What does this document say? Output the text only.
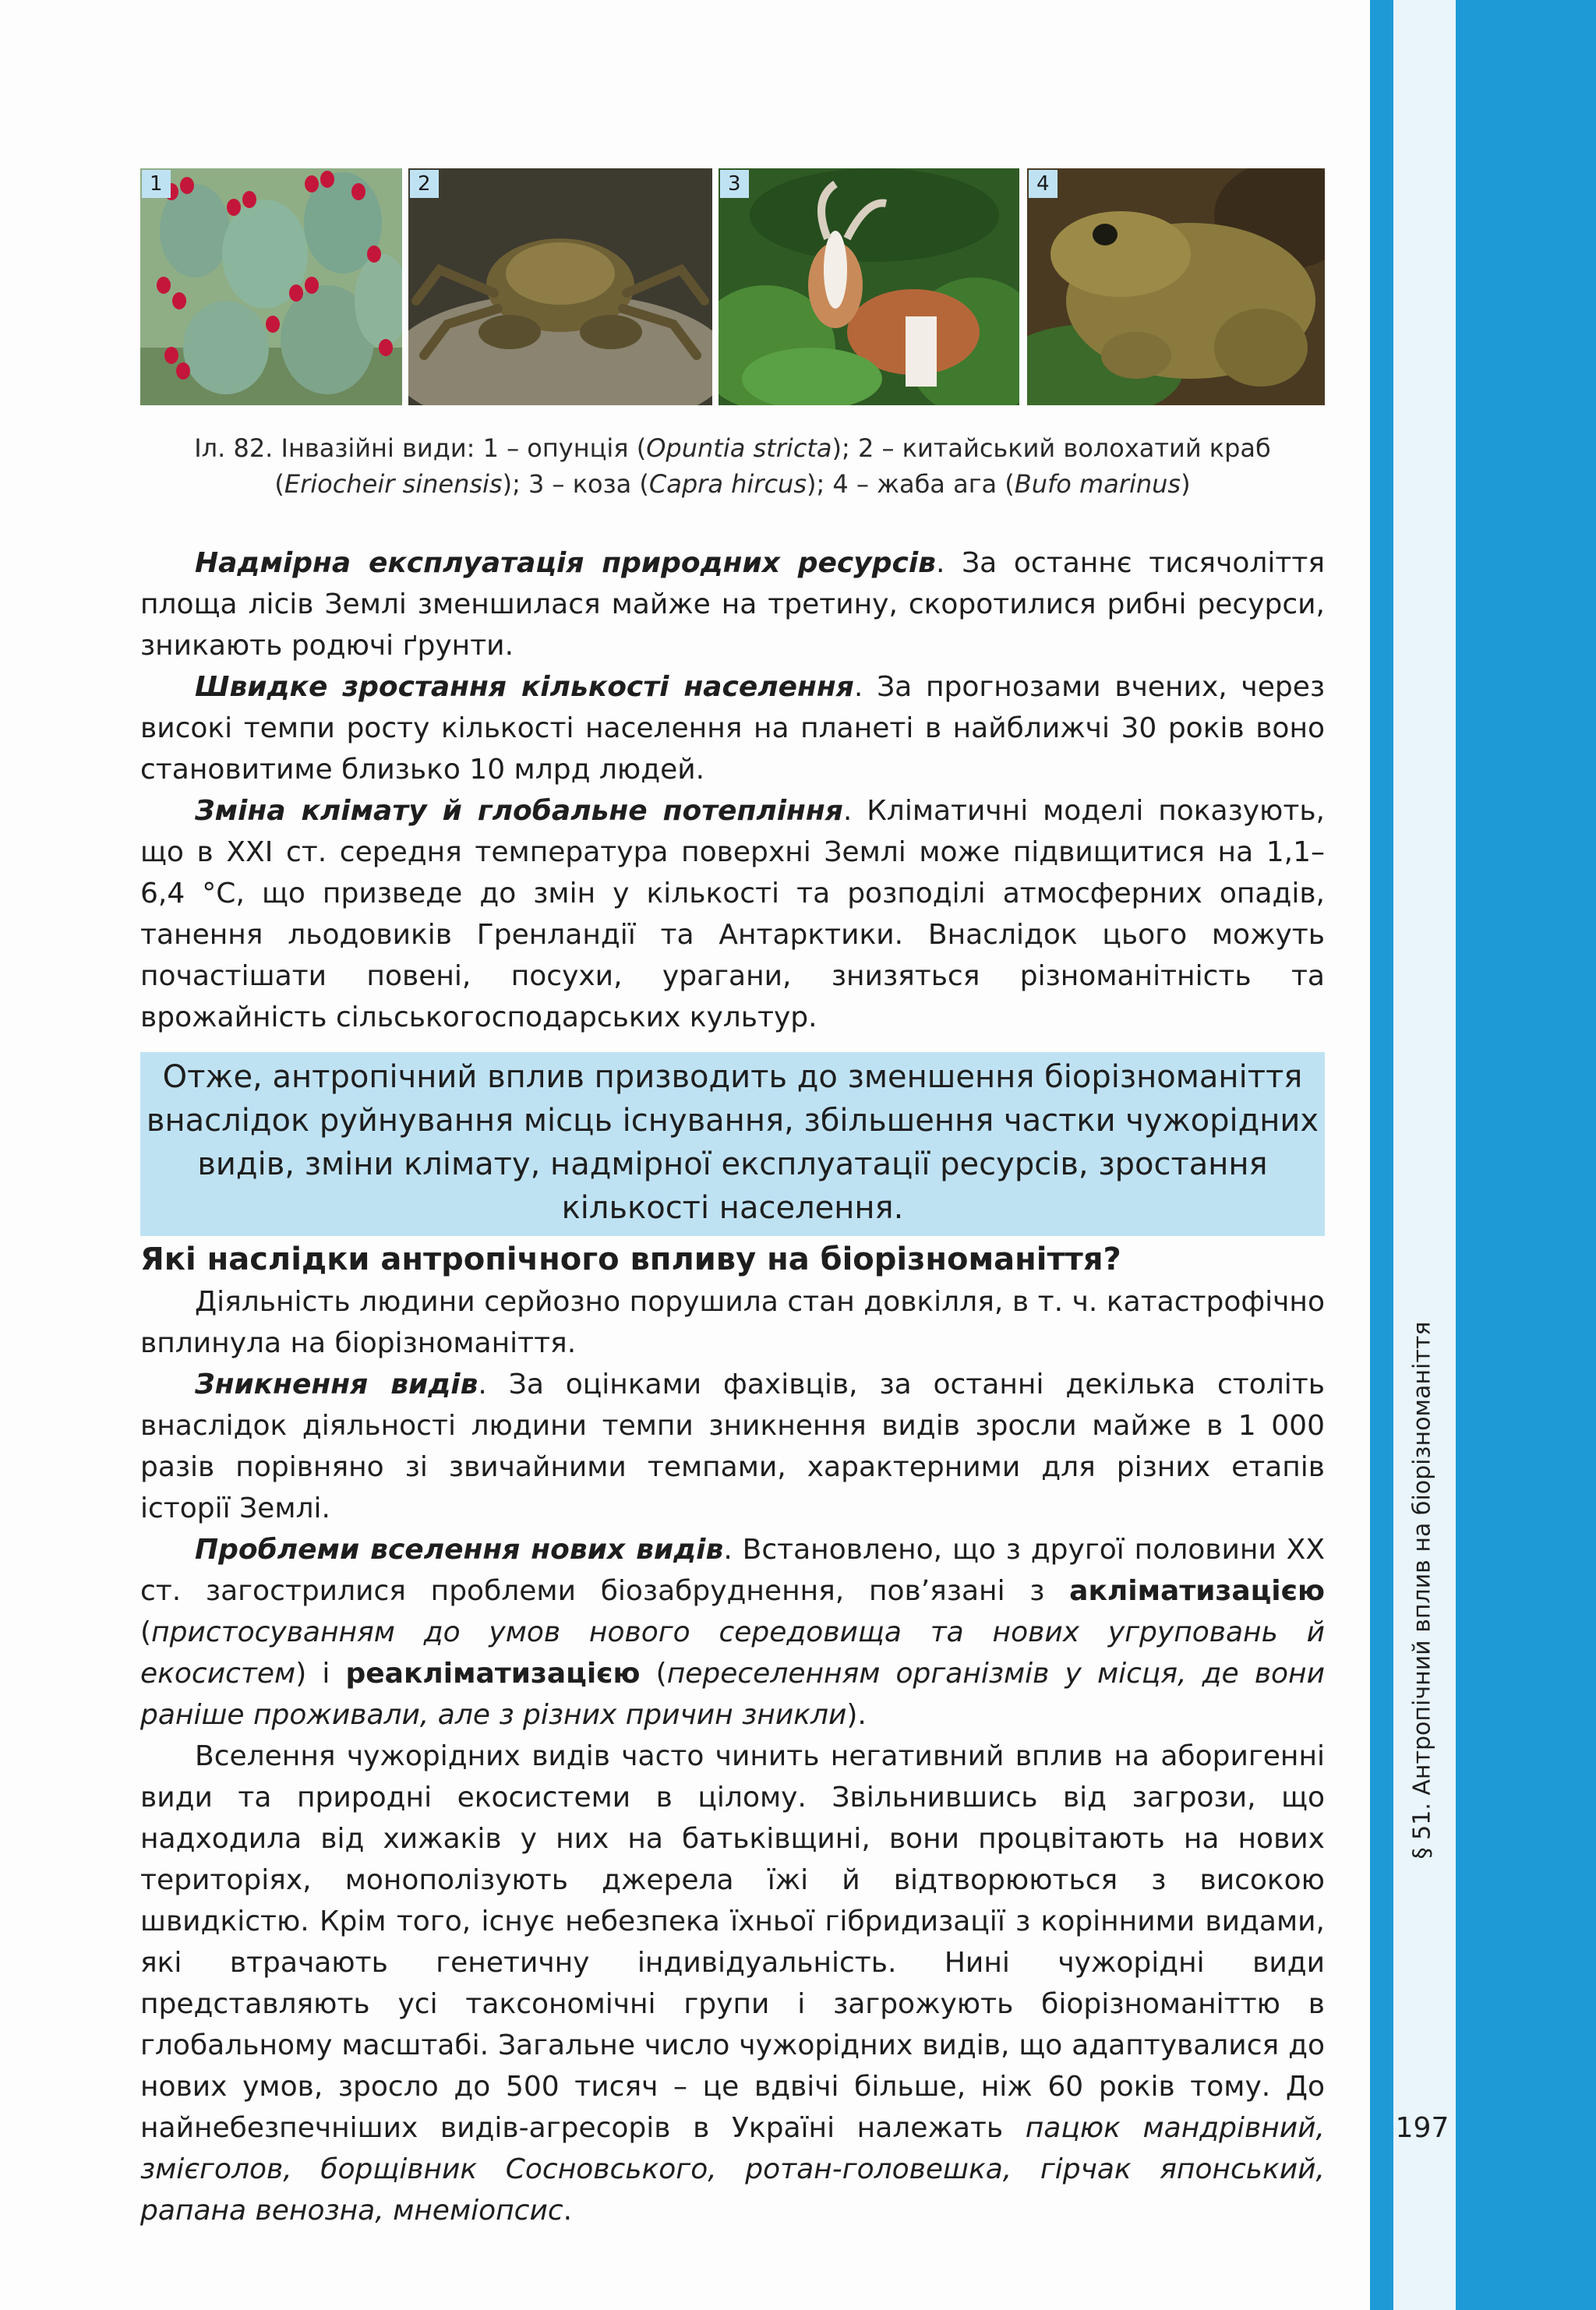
§ 51. Антропічний вплив на біорізноманіття
197
1	2	3	4
Іл. 82. Інвазійні види: 1 – опунція (Opuntia stricta); 2 – китайський волохатий краб (Eriocheir sinensis); 3 – коза (Capra hircus); 4 – жаба ага (Bufo marinus)

Надмірна експлуатація природних ресурсів. За останнє тисячоліття площа лісів Землі зменшилася майже на третину, скоротилися рибні ресурси, зникають родючі ґрунти.

Швидке зростання кількості населення. За прогнозами вчених, через високі темпи росту кількості населення на планеті в найближчі 30 років воно становитиме близько 10 млрд людей.

Зміна клімату й глобальне потепління. Кліматичні моделі показують, що в XXI ст. середня температура поверхні Землі може підвищитися на 1,1– 6,4 °С, що призведе до змін у кількості та розподілі атмосферних опадів, танення льодовиків Гренландії та Антарктики. Внаслідок цього можуть почастішати повені, посухи, урагани, знизяться різноманітність та врожайність сільськогосподарських культур.

Отже, антропічний вплив призводить до зменшення біорізноманіття внаслідок руйнування місць існування, збільшення частки чужорідних видів, зміни клімату, надмірної експлуатації ресурсів, зростання кількості населення.
Які наслідки антропічного впливу на біорізноманіття?

Діяльність людини серйозно порушила стан довкілля, в т. ч. катастрофічно вплинула на біорізноманіття.

Зникнення видів. За оцінками фахівців, за останні декілька століть внаслідок діяльності людини темпи зникнення видів зросли майже в 1 000 разів порівняно зі звичайними темпами, характерними для різних етапів історії Землі.

Проблеми вселення нових видів. Встановлено, що з другої половини XX ст. загострилися проблеми біозабруднення, пов’язані з акліматизацією (пристосуванням до умов нового середовища та нових угруповань й екосистем) і реакліматизацією (переселенням організмів у місця, де вони раніше проживали, але з різних причин зникли).

Вселення чужорідних видів часто чинить негативний вплив на аборигенні види та природні екосистеми в цілому. Звільнившись від загрози, що надходила від хижаків у них на батьківщині, вони процвітають на нових територіях, монополізують джерела їжі й відтворюються з високою швидкістю. Крім того, існує небезпека їхньої гібридизації з корінними видами, які втрачають генетичну індивідуальність. Нині чужорідні види представляють усі таксономічні групи і загрожують біорізноманіттю в глобальному масштабі. Загальне число чужорідних видів, що адаптувалися до нових умов, зросло до 500 тисяч – це вдвічі більше, ніж 60 років тому. До найнебезпечніших видів-агресорів в Україні належать пацюк мандрівний, змієголов, борщівник Сосновського, ротан-головешка, гірчак японський, рапана венозна, мнеміопсис.
